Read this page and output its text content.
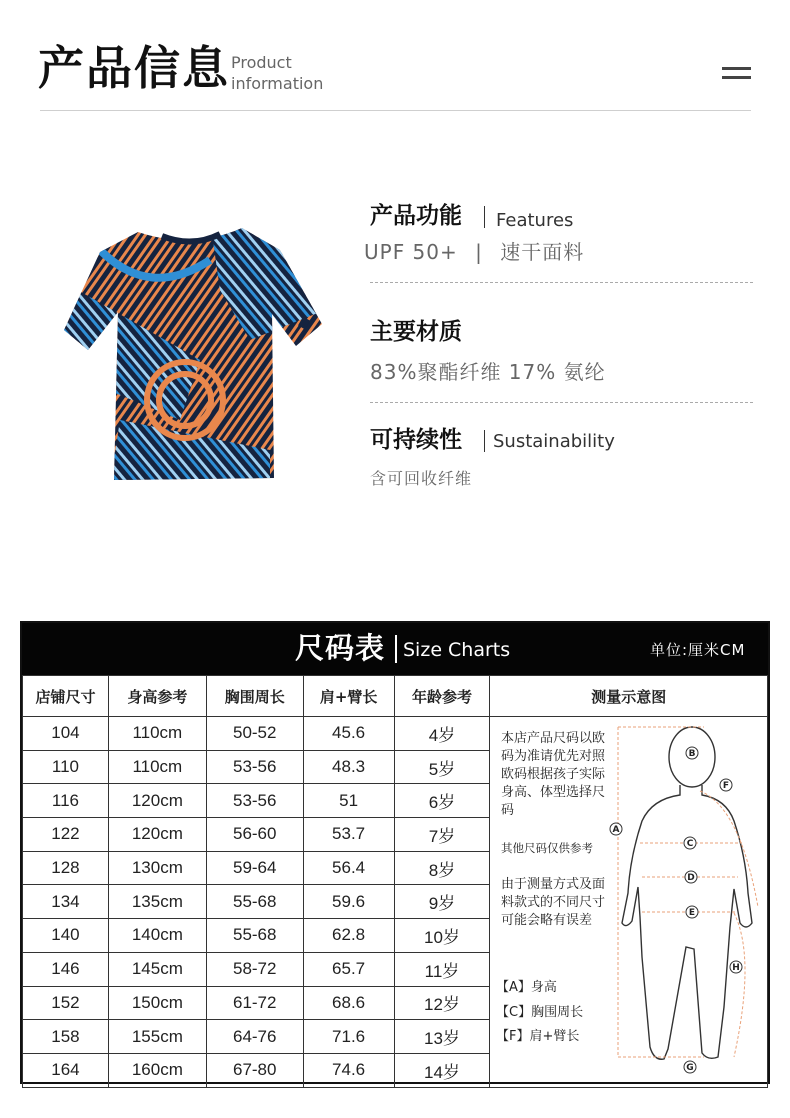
产品信息 Product
information
产品功能 Features
UPF 50+ | 速干面料
主要材质
83%聚酯纤维 17% 氨纶
可持续性 Sustainability
含可回收纤维
尺码表 Size Charts	单位:厘米CM
店铺尺寸	身高参考	胸围周长	肩+臂长	年龄参考	测量示意图
104	110cm	50-52	45.6	4岁	
110	110cm	53-56	48.3	5岁	
116	120cm	53-56	51	6岁	
122	120cm	56-60	53.7	7岁	
128	130cm	59-64	56.4	8岁	
134	135cm	55-68	59.6	9岁	
140	140cm	55-68	62.8	10岁	
146	145cm	58-72	65.7	11岁	
152	150cm	61-72	68.6	12岁	
158	155cm	64-76	71.6	13岁	
164	160cm	67-80	74.6	14岁	
本店产品尺码以欧码为准请优先对照欧码根据孩子实际身高、体型选择尺码
其他尺码仅供参考
由于测量方式及面料款式的不同尺寸可能会略有误差
【A】身高
【C】胸围周长
【F】肩+臂长
A
B
C
D
E
F
G
H
